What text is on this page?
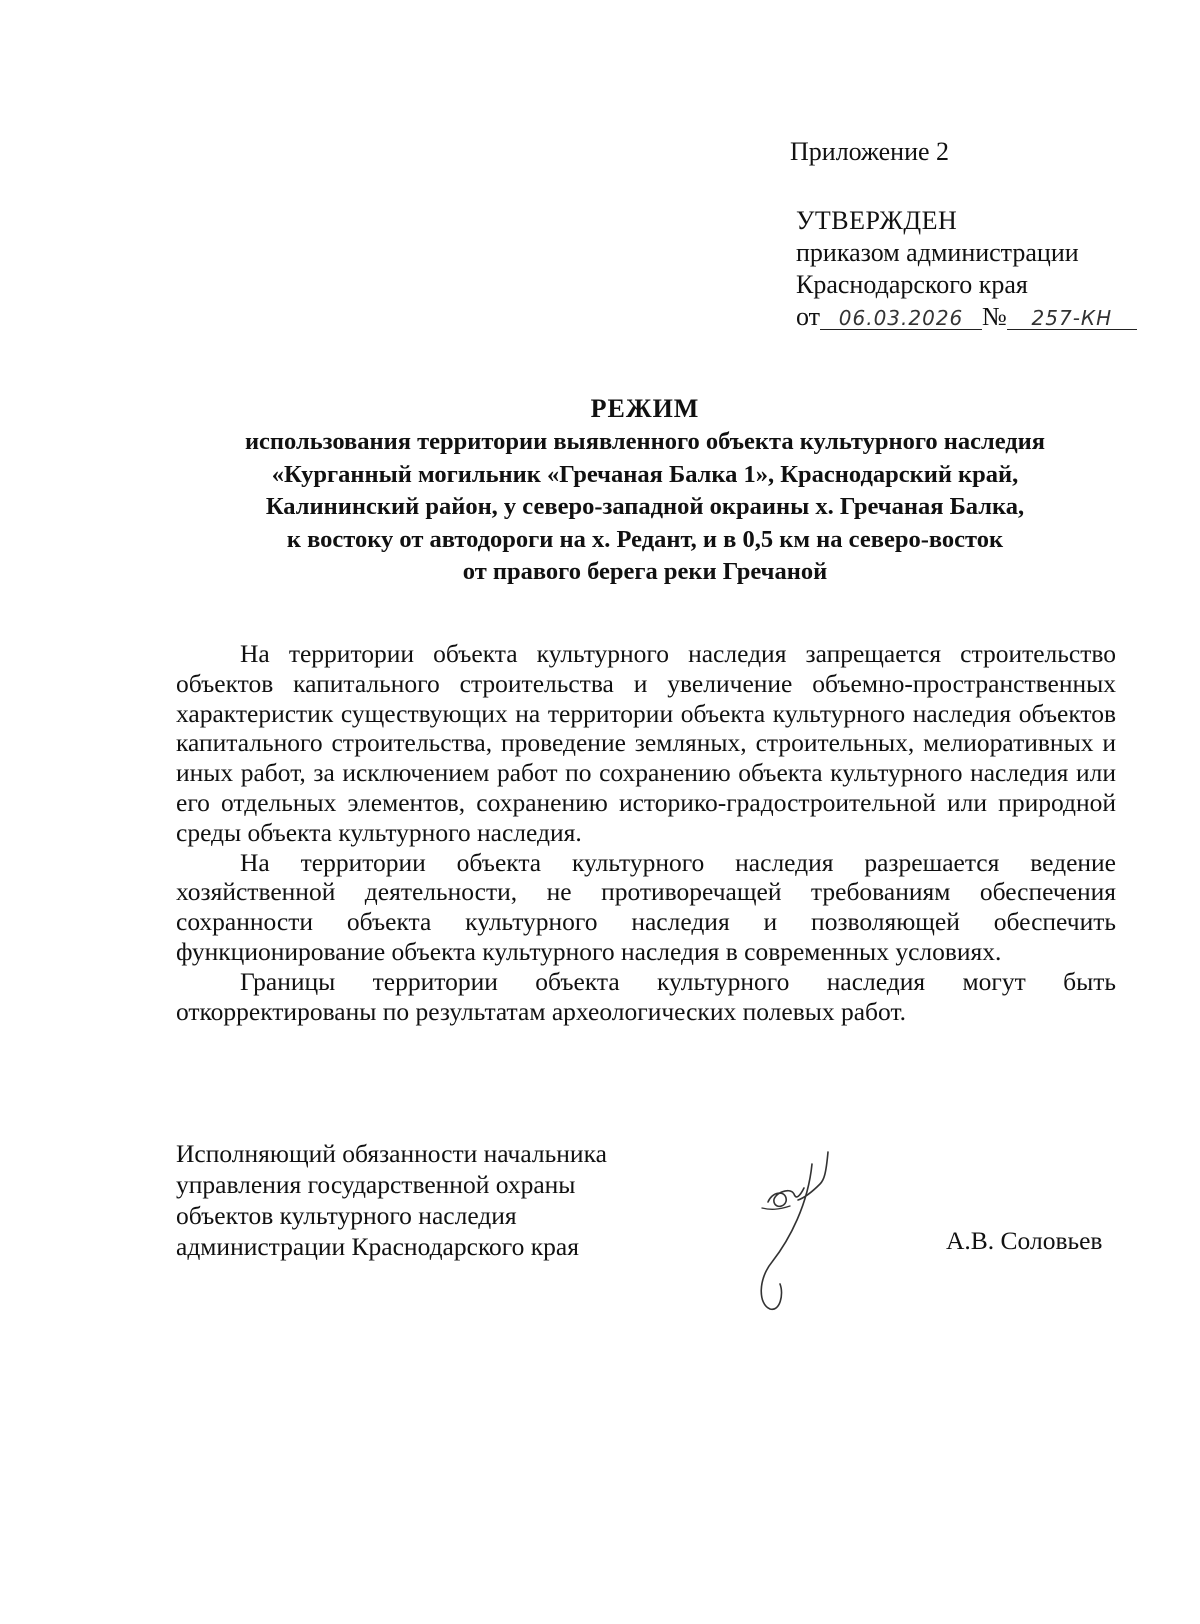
Приложение 2
УТВЕРЖДЕН
приказом администрации
Краснодарского края
от 06.03.2026 № 257-КН
РЕЖИМ
использования территории выявленного объекта культурного наследия
«Курганный могильник «Гречаная Балка 1», Краснодарский край,
Калининский район, у северо-западной окраины х. Гречаная Балка,
к востоку от автодороги на х. Редант, и в 0,5 км на северо-восток
от правого берега реки Гречаной

На территории объекта культурного наследия запрещается строительство объектов капитального строительства и увеличение объемно-пространственных характеристик существующих на территории объекта культурного наследия объектов капитального строительства, проведение земляных, строительных, мелиоративных и иных работ, за исключением работ по сохранению объекта культурного наследия или его отдельных элементов, сохранению историко-градостроительной или природной среды объекта культурного наследия.

На территории объекта культурного наследия разрешается ведение хозяйственной деятельности, не противоречащей требованиям обеспечения сохранности объекта культурного наследия и позволяющей обеспечить функционирование объекта культурного наследия в современных условиях.

Границы территории объекта культурного наследия могут быть откорректированы по результатам археологических полевых работ.

Исполняющий обязанности начальника
управления государственной охраны
объектов культурного наследия
администрации Краснодарского края	А.В. Соловьев
